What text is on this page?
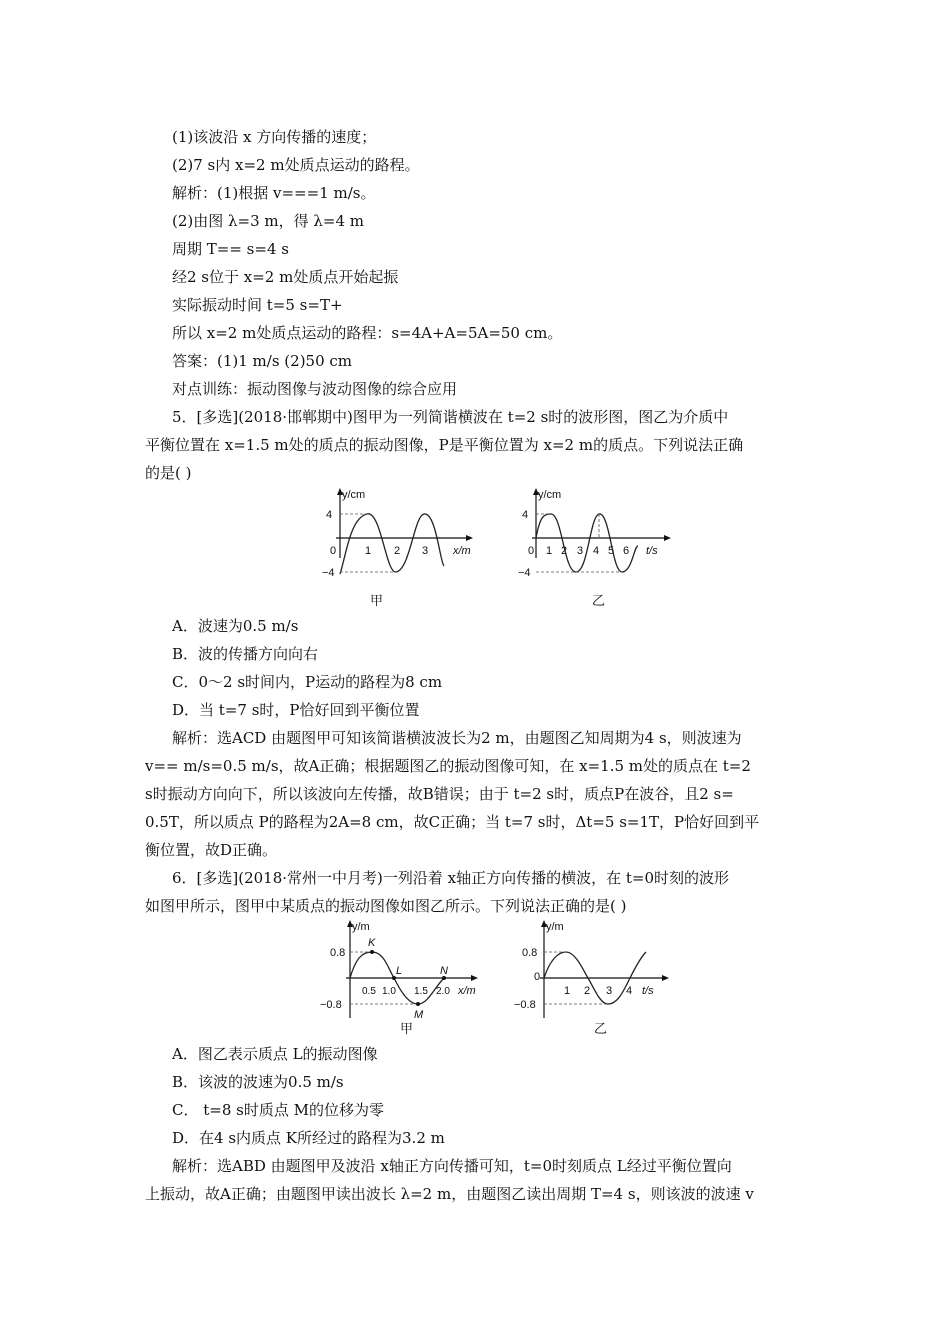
(1)该波沿 x 方向传播的速度；
(2)7 s内 x=2 m处质点运动的路程。
解析：(1)根据 v===1 m/s。
(2)由图 λ=3 m，得 λ=4 m
周期 T== s=4 s
经2 s位于 x=2 m处质点开始起振
实际振动时间 t=5 s=T+
所以 x=2 m处质点运动的路程：s=4A+A=5A=50 cm。
答案：(1)1 m/s (2)50 cm
对点训练：振动图像与波动图像的综合应用
5．[多选](2018·邯郸期中)图甲为一列简谐横波在 t=2 s时的波形图，图乙为介质中
平衡位置在 x=1.5 m处的质点的振动图像，P是平衡位置为 x=2 m的质点。下列说法正确
的是( )
A．波速为0.5 m/s
B．波的传播方向向右
C．0～2 s时间内，P运动的路程为8 cm
D．当 t=7 s时，P恰好回到平衡位置
解析：选ACD 由题图甲可知该简谐横波波长为2 m，由题图乙知周期为4 s，则波速为
v== m/s=0.5 m/s，故A正确；根据题图乙的振动图像可知，在 x=1.5 m处的质点在 t=2
s时振动方向向下，所以该波向左传播，故B错误；由于 t=2 s时，质点P在波谷，且2 s=
0.5T，所以质点 P的路程为2A=8 cm，故C正确；当 t=7 s时，Δt=5 s=1T，P恰好回到平
衡位置，故D正确。
6．[多选](2018·常州一中月考)一列沿着 x轴正方向传播的横波，在 t=0时刻的波形
如图甲所示，图甲中某质点的振动图像如图乙所示。下列说法正确的是( )
A．图乙表示质点 L的振动图像
B．该波的波速为0.5 m/s
C． t=8 s时质点 M的位移为零
D．在4 s内质点 K所经过的路程为3.2 m
解析：选ABD 由题图甲及波沿 x轴正方向传播可知，t=0时刻质点 L经过平衡位置向
上振动，故A正确；由题图甲读出波长 λ=2 m，由题图乙读出周期 T=4 s，则该波的波速 v
y/cm
x/m
4
−4
0	1 2 3
甲
y/cm
t/s
4
−4
0 1 2 3 4 5 6
乙
y/m
x/m
0.8
−0.8
0.5 1.0 1.5 2.0
K
L	N
M
甲
y/m
t/s
0.8
0
−0.8
1 2 3 4
乙
